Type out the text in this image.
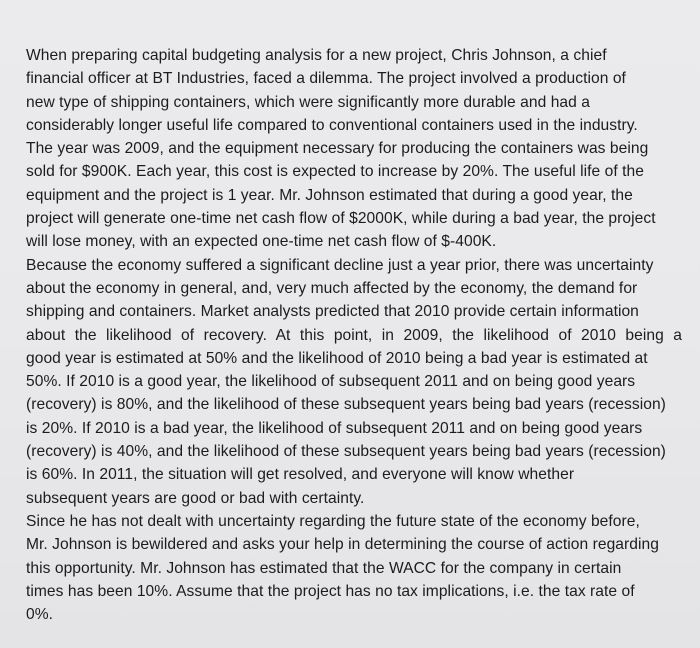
When preparing capital budgeting analysis for a new project, Chris Johnson, a chief
financial officer at BT Industries, faced a dilemma. The project involved a production of
new type of shipping containers, which were significantly more durable and had a
considerably longer useful life compared to conventional containers used in the industry.
The year was 2009, and the equipment necessary for producing the containers was being
sold for $900K. Each year, this cost is expected to increase by 20%. The useful life of the
equipment and the project is 1 year. Mr. Johnson estimated that during a good year, the
project will generate one-time net cash flow of $2000K, while during a bad year, the project
will lose money, with an expected one-time net cash flow of $-400K.
Because the economy suffered a significant decline just a year prior, there was uncertainty
about the economy in general, and, very much affected by the economy, the demand for
shipping and containers. Market analysts predicted that 2010 provide certain information
about the likelihood of recovery. At this point, in 2009, the likelihood of 2010 being a
good year is estimated at 50% and the likelihood of 2010 being a bad year is estimated at
50%. If 2010 is a good year, the likelihood of subsequent 2011 and on being good years
(recovery) is 80%, and the likelihood of these subsequent years being bad years (recession)
is 20%. If 2010 is a bad year, the likelihood of subsequent 2011 and on being good years
(recovery) is 40%, and the likelihood of these subsequent years being bad years (recession)
is 60%. In 2011, the situation will get resolved, and everyone will know whether
subsequent years are good or bad with certainty.
Since he has not dealt with uncertainty regarding the future state of the economy before,
Mr. Johnson is bewildered and asks your help in determining the course of action regarding
this opportunity. Mr. Johnson has estimated that the WACC for the company in certain
times has been 10%. Assume that the project has no tax implications, i.e. the tax rate of
0%.
